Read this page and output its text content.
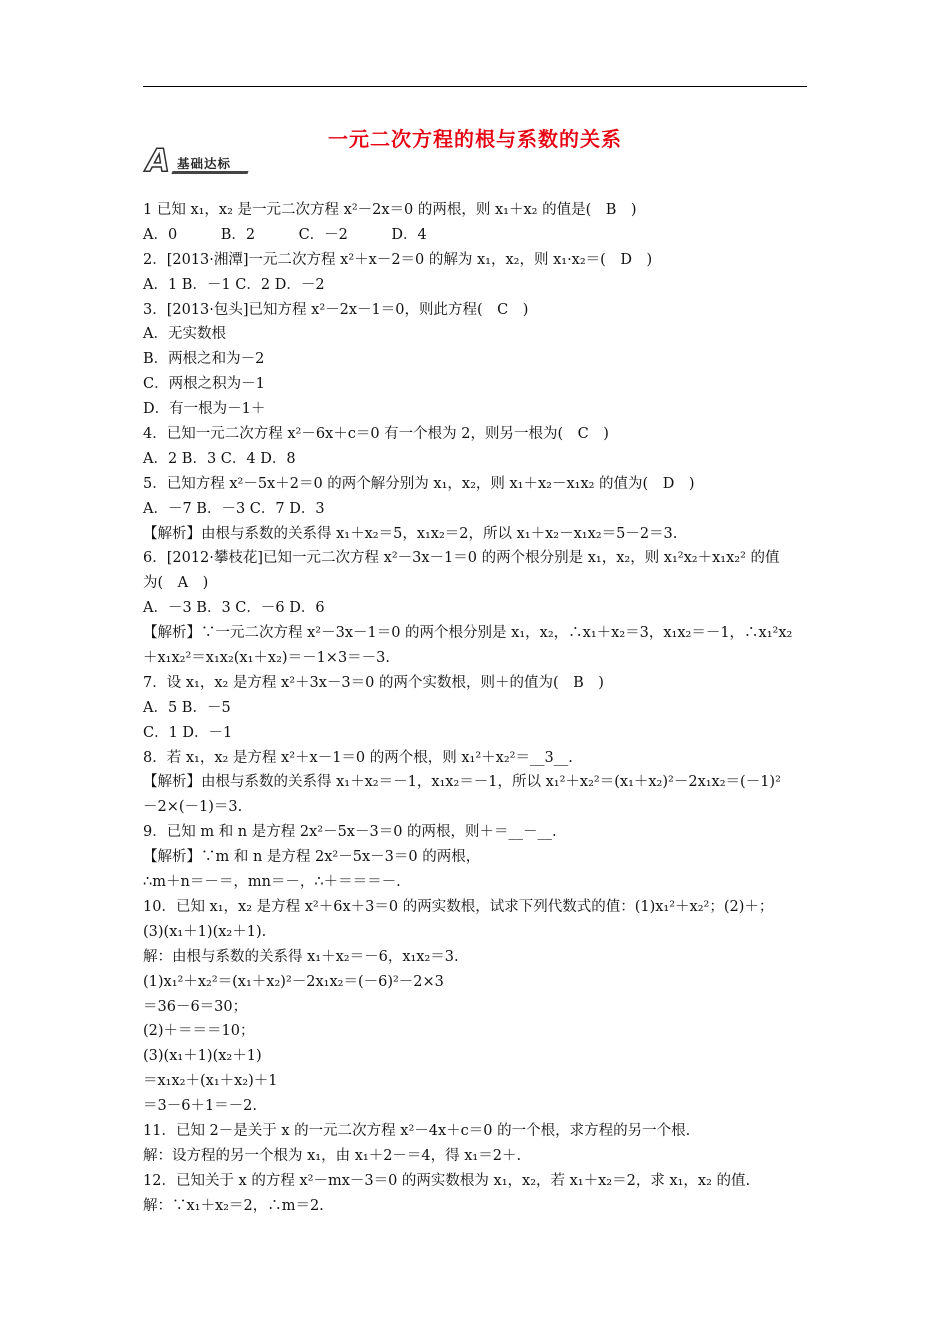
一元二次方程的根与系数的关系
A 基础达标
1 已知 x₁，x₂ 是一元二次方程 x²－2x＝0 的两根，则 x₁＋x₂ 的值是(　B　)
A．0　　　B．2　　　C．－2　　　D．4
2．[2013·湘潭]一元二次方程 x²＋x－2＝0 的解为 x₁，x₂，则 x₁·x₂＝(　D　)
A．1 B．－1 C．2 D．－2
3．[2013·包头]已知方程 x²－2x－1＝0，则此方程(　C　)
A．无实数根
B．两根之和为－2
C．两根之积为－1
D．有一根为－1＋
4．已知一元二次方程 x²－6x＋c＝0 有一个根为 2，则另一根为(　C　)
A．2 B．3 C．4 D．8
5．已知方程 x²－5x＋2＝0 的两个解分别为 x₁，x₂，则 x₁＋x₂－x₁x₂ 的值为(　D　)
A．－7 B．－3 C．7 D．3
【解析】由根与系数的关系得 x₁＋x₂＝5，x₁x₂＝2，所以 x₁＋x₂－x₁x₂＝5－2＝3.
6．[2012·攀枝花]已知一元二次方程 x²－3x－1＝0 的两个根分别是 x₁，x₂，则 x₁²x₂＋x₁x₂² 的值
为(　A　)
A．－3 B．3 C．－6 D．6
【解析】∵一元二次方程 x²－3x－1＝0 的两个根分别是 x₁，x₂，∴x₁＋x₂＝3，x₁x₂＝－1，∴x₁²x₂
＋x₁x₂²＝x₁x₂(x₁＋x₂)＝－1×3＝－3.
7．设 x₁，x₂ 是方程 x²＋3x－3＝0 的两个实数根，则＋的值为(　B　)
A．5 B．－5
C．1 D．－1
8．若 x₁，x₂ 是方程 x²＋x－1＝0 的两个根，则 x₁²＋x₂²＝__3__.
【解析】由根与系数的关系得 x₁＋x₂＝－1，x₁x₂＝－1，所以 x₁²＋x₂²＝(x₁＋x₂)²－2x₁x₂＝(－1)²
－2×(－1)＝3.
9．已知 m 和 n 是方程 2x²－5x－3＝0 的两根，则＋＝__－__.
【解析】∵m 和 n 是方程 2x²－5x－3＝0 的两根，
∴m＋n＝－＝，mn＝－，∴＋＝＝＝－.
10．已知 x₁，x₂ 是方程 x²＋6x＋3＝0 的两实数根，试求下列代数式的值：(1)x₁²＋x₂²；(2)＋；
(3)(x₁＋1)(x₂＋1).
解：由根与系数的关系得 x₁＋x₂＝－6，x₁x₂＝3.
(1)x₁²＋x₂²＝(x₁＋x₂)²－2x₁x₂＝(－6)²－2×3
＝36－6＝30；
(2)＋＝＝＝10；
(3)(x₁＋1)(x₂＋1)
＝x₁x₂＋(x₁＋x₂)＋1
＝3－6＋1＝－2.
11．已知 2－是关于 x 的一元二次方程 x²－4x＋c＝0 的一个根，求方程的另一个根.
解：设方程的另一个根为 x₁，由 x₁＋2－＝4，得 x₁＝2＋.
12．已知关于 x 的方程 x²－mx－3＝0 的两实数根为 x₁，x₂，若 x₁＋x₂＝2，求 x₁，x₂ 的值.
解：∵x₁＋x₂＝2，∴m＝2.
